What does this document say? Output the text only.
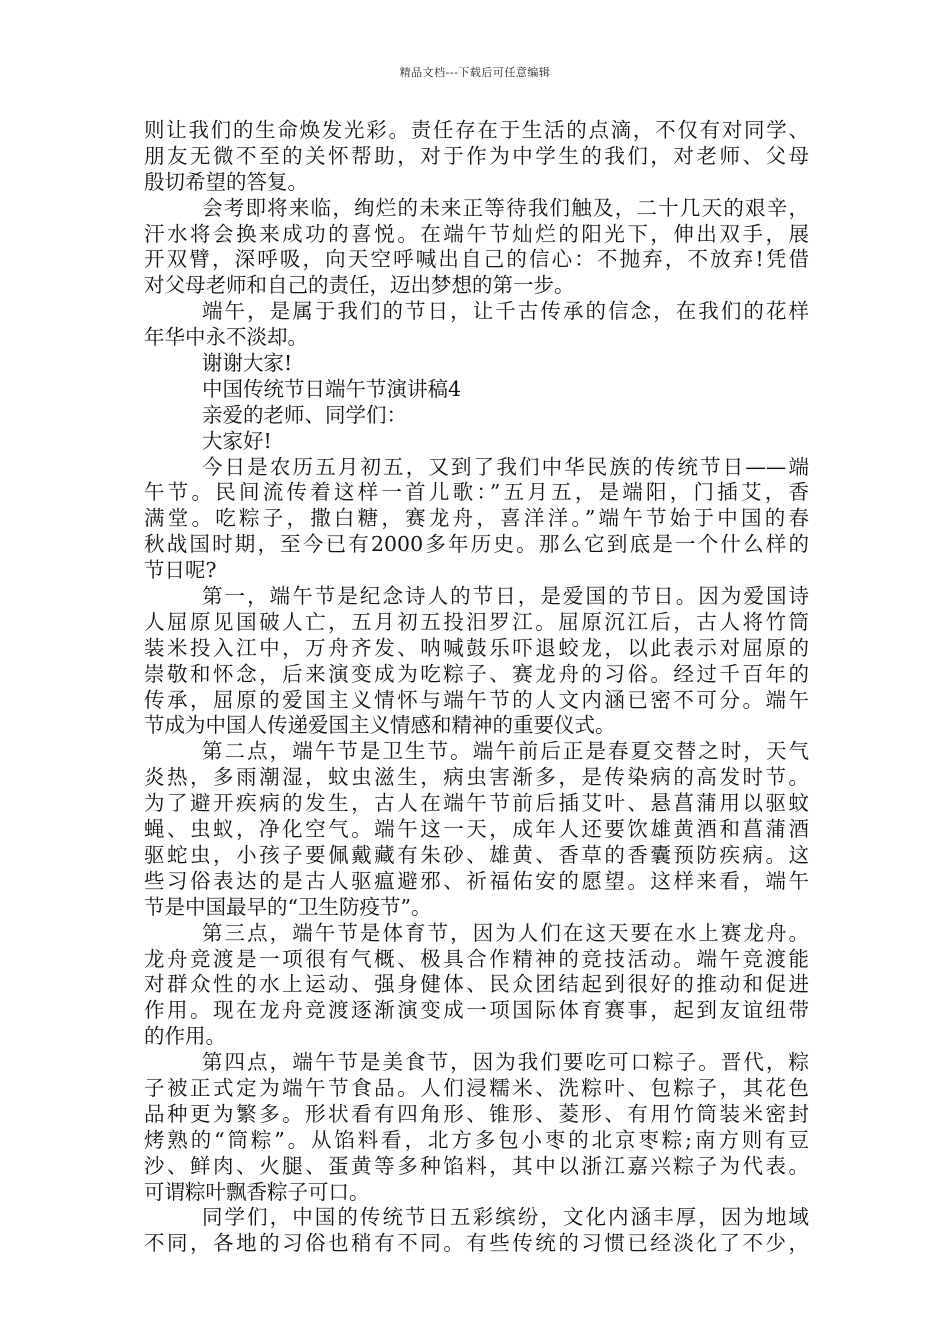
精品文档---下载后可任意编辑
则让我们的生命焕发光彩。责任存在于生活的点滴，不仅有对同学、
朋友无微不至的关怀帮助，对于作为中学生的我们，对老师、父母
殷切希望的答复。
会考即将来临，绚烂的未来正等待我们触及，二十几天的艰辛，
汗水将会换来成功的喜悦。在端午节灿烂的阳光下，伸出双手，展
开双臂，深呼吸，向天空呼喊出自己的信心：不抛弃，不放弃!凭借
对父母老师和自己的责任，迈出梦想的第一步。
端午，是属于我们的节日，让千古传承的信念，在我们的花样
年华中永不淡却。
谢谢大家!
中国传统节日端午节演讲稿4
亲爱的老师、同学们：
大家好!
今日是农历五月初五，又到了我们中华民族的传统节日——端
午节。民间流传着这样一首儿歌：”五月五，是端阳，门插艾，香
满堂。吃粽子，撒白糖，赛龙舟，喜洋洋。”端午节始于中国的春
秋战国时期，至今已有2000多年历史。那么它到底是一个什么样的
节日呢?
第一，端午节是纪念诗人的节日，是爱国的节日。因为爱国诗
人屈原见国破人亡，五月初五投汨罗江。屈原沉江后，古人将竹筒
装米投入江中，万舟齐发、呐喊鼓乐吓退蛟龙，以此表示对屈原的
崇敬和怀念，后来演变成为吃粽子、赛龙舟的习俗。经过千百年的
传承，屈原的爱国主义情怀与端午节的人文内涵已密不可分。端午
节成为中国人传递爱国主义情感和精神的重要仪式。
第二点，端午节是卫生节。端午前后正是春夏交替之时，天气
炎热，多雨潮湿，蚊虫滋生，病虫害渐多，是传染病的高发时节。
为了避开疾病的发生，古人在端午节前后插艾叶、悬菖蒲用以驱蚊
蝇、虫蚁，净化空气。端午这一天，成年人还要饮雄黄酒和菖蒲酒
驱蛇虫，小孩子要佩戴藏有朱砂、雄黄、香草的香囊预防疾病。这
些习俗表达的是古人驱瘟避邪、祈福佑安的愿望。这样来看，端午
节是中国最早的“卫生防疫节”。
第三点，端午节是体育节，因为人们在这天要在水上赛龙舟。
龙舟竞渡是一项很有气概、极具合作精神的竞技活动。端午竞渡能
对群众性的水上运动、强身健体、民众团结起到很好的推动和促进
作用。现在龙舟竞渡逐渐演变成一项国际体育赛事，起到友谊纽带
的作用。
第四点，端午节是美食节，因为我们要吃可口粽子。晋代，粽
子被正式定为端午节食品。人们浸糯米、洗粽叶、包粽子，其花色
品种更为繁多。形状看有四角形、锥形、菱形、有用竹筒装米密封
烤熟的“筒粽”。从馅料看，北方多包小枣的北京枣粽;南方则有豆
沙、鲜肉、火腿、蛋黄等多种馅料，其中以浙江嘉兴粽子为代表。
可谓粽叶飘香粽子可口。
同学们，中国的传统节日五彩缤纷，文化内涵丰厚，因为地域
不同，各地的习俗也稍有不同。有些传统的习惯已经淡化了不少，
